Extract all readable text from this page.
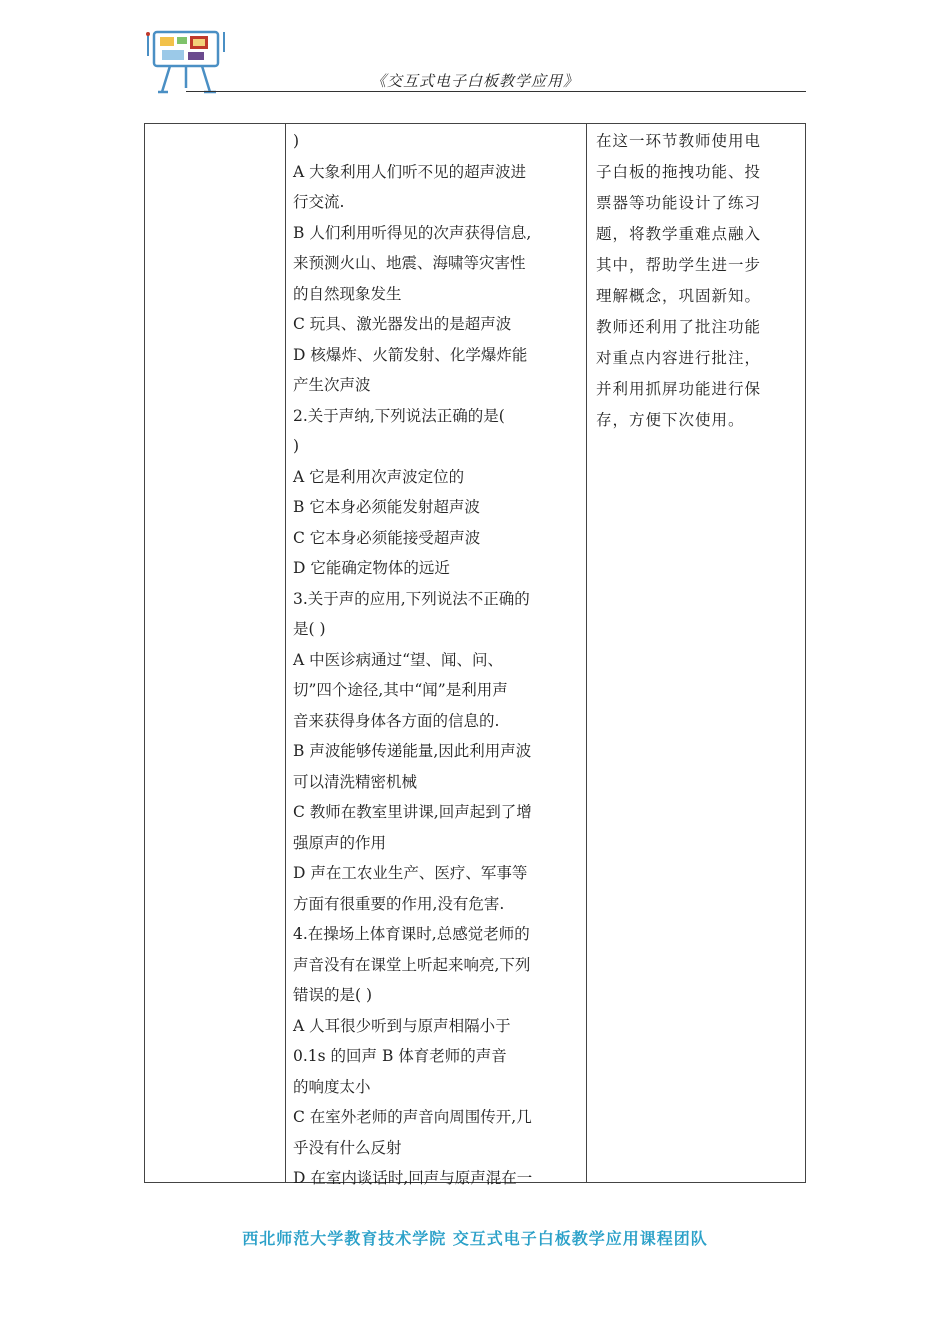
《交互式电子白板教学应用》

)

A 大象利用人们听不见的超声波进

行交流.

B 人们利用听得见的次声获得信息,

来预测火山、地震、海啸等灾害性

的自然现象发生

C 玩具、激光器发出的是超声波

D 核爆炸、火箭发射、化学爆炸能

产生次声波

2.关于声纳,下列说法正确的是(

)

A 它是利用次声波定位的

B 它本身必须能发射超声波

C 它本身必须能接受超声波

D 它能确定物体的远近

3.关于声的应用,下列说法不正确的

是( )

A 中医诊病通过“望、闻、问、

切”四个途径,其中“闻”是利用声

音来获得身体各方面的信息的.

B 声波能够传递能量,因此利用声波

可以清洗精密机械

C 教师在教室里讲课,回声起到了增

强原声的作用

D 声在工农业生产、医疗、军事等

方面有很重要的作用,没有危害.

4.在操场上体育课时,总感觉老师的

声音没有在课堂上听起来响亮,下列

错误的是( )

A 人耳很少听到与原声相隔小于

0.1s 的回声 B 体育老师的声音

的响度太小

C 在室外老师的声音向周围传开,几

乎没有什么反射

D 在室内谈话时,回声与原声混在一

在这一环节教师使用电

子白板的拖拽功能、投

票器等功能设计了练习

题，将教学重难点融入

其中，帮助学生进一步

理解概念，巩固新知。

教师还利用了批注功能

对重点内容进行批注，

并利用抓屏功能进行保

存，方便下次使用。

西北师范大学教育技术学院 交互式电子白板教学应用课程团队
